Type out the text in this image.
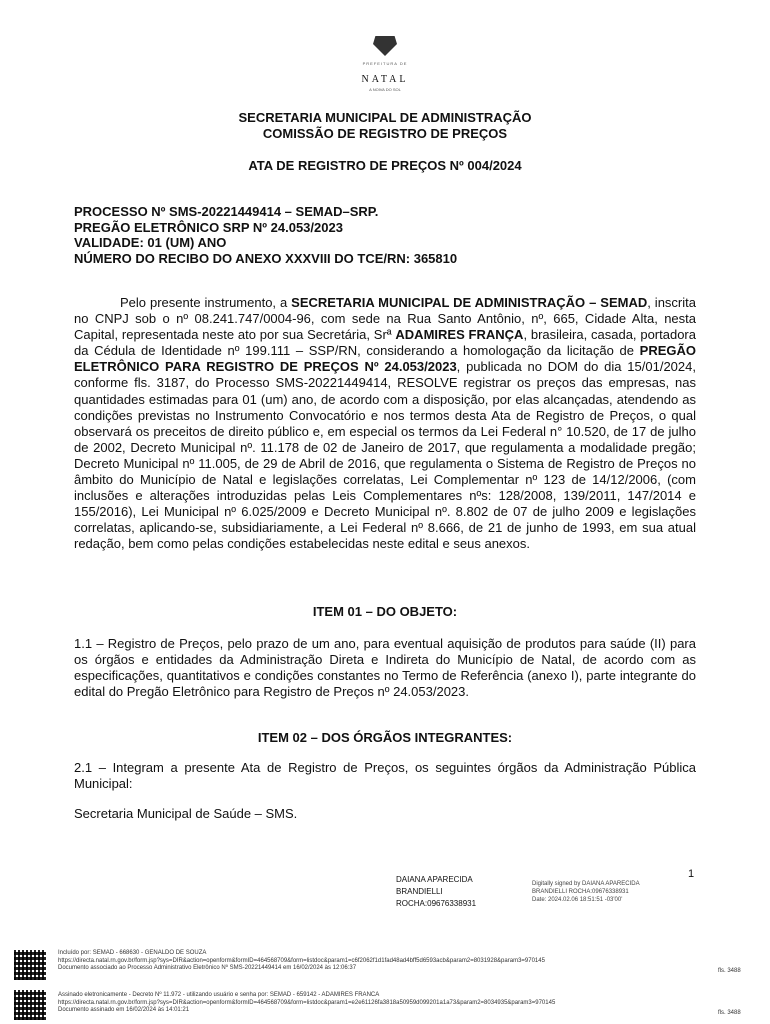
PREFEITURA DE
NATAL
A NOIVA DO SOL
SECRETARIA MUNICIPAL DE ADMINISTRAÇÃO
COMISSÃO DE REGISTRO DE PREÇOS
ATA DE REGISTRO DE PREÇOS Nº 004/2024
PROCESSO Nº SMS-20221449414 – SEMAD–SRP.
PREGÃO ELETRÔNICO SRP Nº 24.053/2023
VALIDADE: 01 (UM) ANO
NÚMERO DO RECIBO DO ANEXO XXXVIII DO TCE/RN: 365810
Pelo presente instrumento, a SECRETARIA MUNICIPAL DE ADMINISTRAÇÃO – SEMAD, inscrita no CNPJ sob o nº 08.241.747/0004-96, com sede na Rua Santo Antônio, nº, 665, Cidade Alta, nesta Capital, representada neste ato por sua Secretária, Srª ADAMIRES FRANÇA, brasileira, casada, portadora da Cédula de Identidade nº 199.111 – SSP/RN, considerando a homologação da licitação de PREGÃO ELETRÔNICO PARA REGISTRO DE PREÇOS Nº 24.053/2023, publicada no DOM do dia 15/01/2024, conforme fls. 3187, do Processo SMS-20221449414, RESOLVE registrar os preços das empresas, nas quantidades estimadas para 01 (um) ano, de acordo com a disposição, por elas alcançadas, atendendo as condições previstas no Instrumento Convocatório e nos termos desta Ata de Registro de Preços, o qual observará os preceitos de direito público e, em especial os termos da Lei Federal n° 10.520, de 17 de julho de 2002, Decreto Municipal nº. 11.178 de 02 de Janeiro de 2017, que regulamenta a modalidade pregão; Decreto Municipal nº 11.005, de 29 de Abril de 2016, que regulamenta o Sistema de Registro de Preços no âmbito do Município de Natal e legislações correlatas, Lei Complementar nº 123 de 14/12/2006, (com inclusões e alterações introduzidas pelas Leis Complementares nºs: 128/2008, 139/2011, 147/2014 e 155/2016), Lei Municipal nº 6.025/2009 e Decreto Municipal nº. 8.802 de 07 de julho 2009 e legislações correlatas, aplicando-se, subsidiariamente, a Lei Federal nº 8.666, de 21 de junho de 1993, em sua atual redação, bem como pelas condições estabelecidas neste edital e seus anexos.
ITEM 01 – DO OBJETO:
1.1 – Registro de Preços, pelo prazo de um ano, para eventual aquisição de produtos para saúde (II) para os órgãos e entidades da Administração Direta e Indireta do Município de Natal, de acordo com as especificações, quantitativos e condições constantes no Termo de Referência (anexo I), parte integrante do edital do Pregão Eletrônico para Registro de Preços nº 24.053/2023.
ITEM 02 – DOS ÓRGÃOS INTEGRANTES:
2.1 – Integram a presente Ata de Registro de Preços, os seguintes órgãos da Administração Pública Municipal:
Secretaria Municipal de Saúde – SMS.
1
DAIANA APARECIDA
BRANDIELLI
ROCHA:09676338931
Digitally signed by DAIANA APARECIDA
BRANDIELLI ROCHA:09676338931
Date: 2024.02.06 18:51:51 -03'00'
Incluído por: SEMAD - 668630 - GENALDO DE SOUZA
https://directa.natal.rn.gov.br/form.jsp?sys=DIR&action=openform&formID=464568709&form=listdoc&param1=c6f2062f1d1fad48ad4bff5d6593acb&param2=8031928&param3=970145
Documento associado ao Processo Administrativo Eletrônico Nº SMS-20221449414 em 16/02/2024 às 12:06:37	fls. 3488
Assinado eletronicamente - Decreto Nº 11.972 - utilizando usuário e senha por: SEMAD - 659142 - ADAMIRES FRANCA
https://directa.natal.rn.gov.br/form.jsp?sys=DIR&action=openform&formID=464568709&form=listdoc&param1=e2e61126fa3818a50959d099201a1a73&param2=8034935&param3=970145
Documento assinado em 16/02/2024 às 14:01:21	fls. 3488
